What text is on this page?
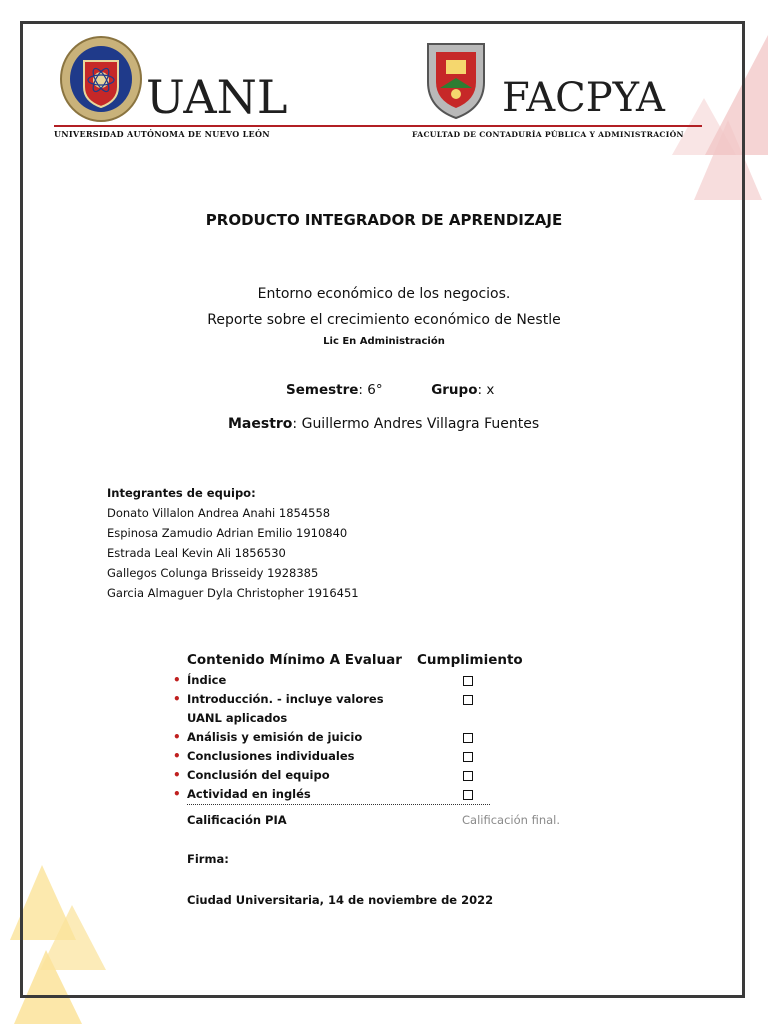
UANL	FACPYA
UNIVERSIDAD AUTÓNOMA DE NUEVO LEÓN	FACULTAD DE CONTADURÍA PÚBLICA Y ADMINISTRACIÓN
PRODUCTO INTEGRADOR DE APRENDIZAJE
Entorno económico de los negocios.
Reporte sobre el crecimiento económico de Nestle
Lic En Administración
Semestre: 6°	Grupo: x
Maestro: Guillermo Andres Villagra Fuentes
Integrantes de equipo:
Donato Villalon Andrea Anahi 1854558
Espinosa Zamudio Adrian Emilio 1910840
Estrada Leal Kevin Ali 1856530
Gallegos Colunga Brisseidy 1928385
Garcia Almaguer Dyla Christopher 1916451
Contenido Mínimo A Evaluar Cumplimiento
• Índice
• Introducción. - incluye valores
UANL aplicados
• Análisis y emisión de juicio
• Conclusiones individuales
• Conclusión del equipo
• Actividad en inglés
Calificación PIA	Calificación final.
Firma:
Ciudad Universitaria, 14 de noviembre de 2022
